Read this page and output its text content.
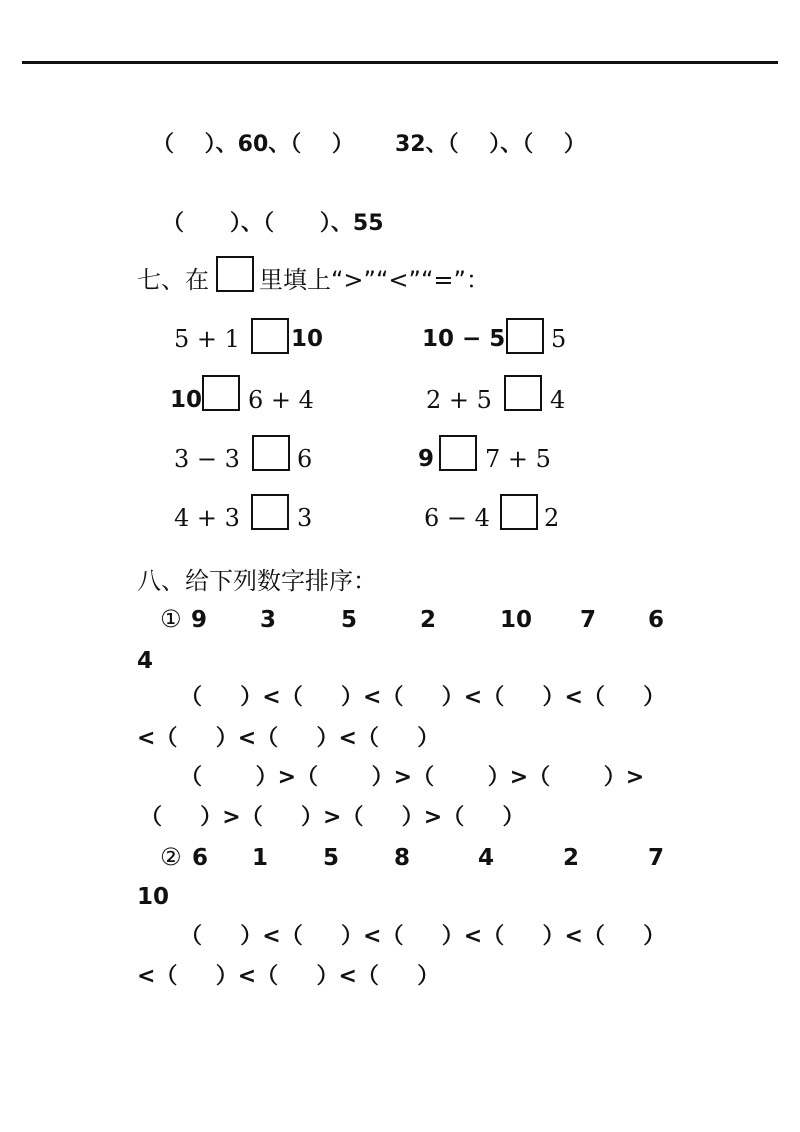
（    ）、60、（    ） 32、（    ）、（    ）
（      ）、（      ）、55
七、在 里填上“>”“<”“=”：
5 + 1 10	10 − 5 5
10 6 + 4	2 + 5 4
3 − 3 6	9 7 + 5
4 + 3 3	6 − 4 2
八、给下列数字排序：
① 9 3	5	2	10 7 6
4
（     ）<（     ）<（     ）<（     ）<（     ）
<（     ）<（     ）<（     ）
（       ）>（       ）>（       ）>（       ）>
（     ）>（     ）>（     ）>（     ）
② 6 1 5 8	4	2	7
10
（     ）<（     ）<（     ）<（     ）<（     ）
<（     ）<（     ）<（     ）
